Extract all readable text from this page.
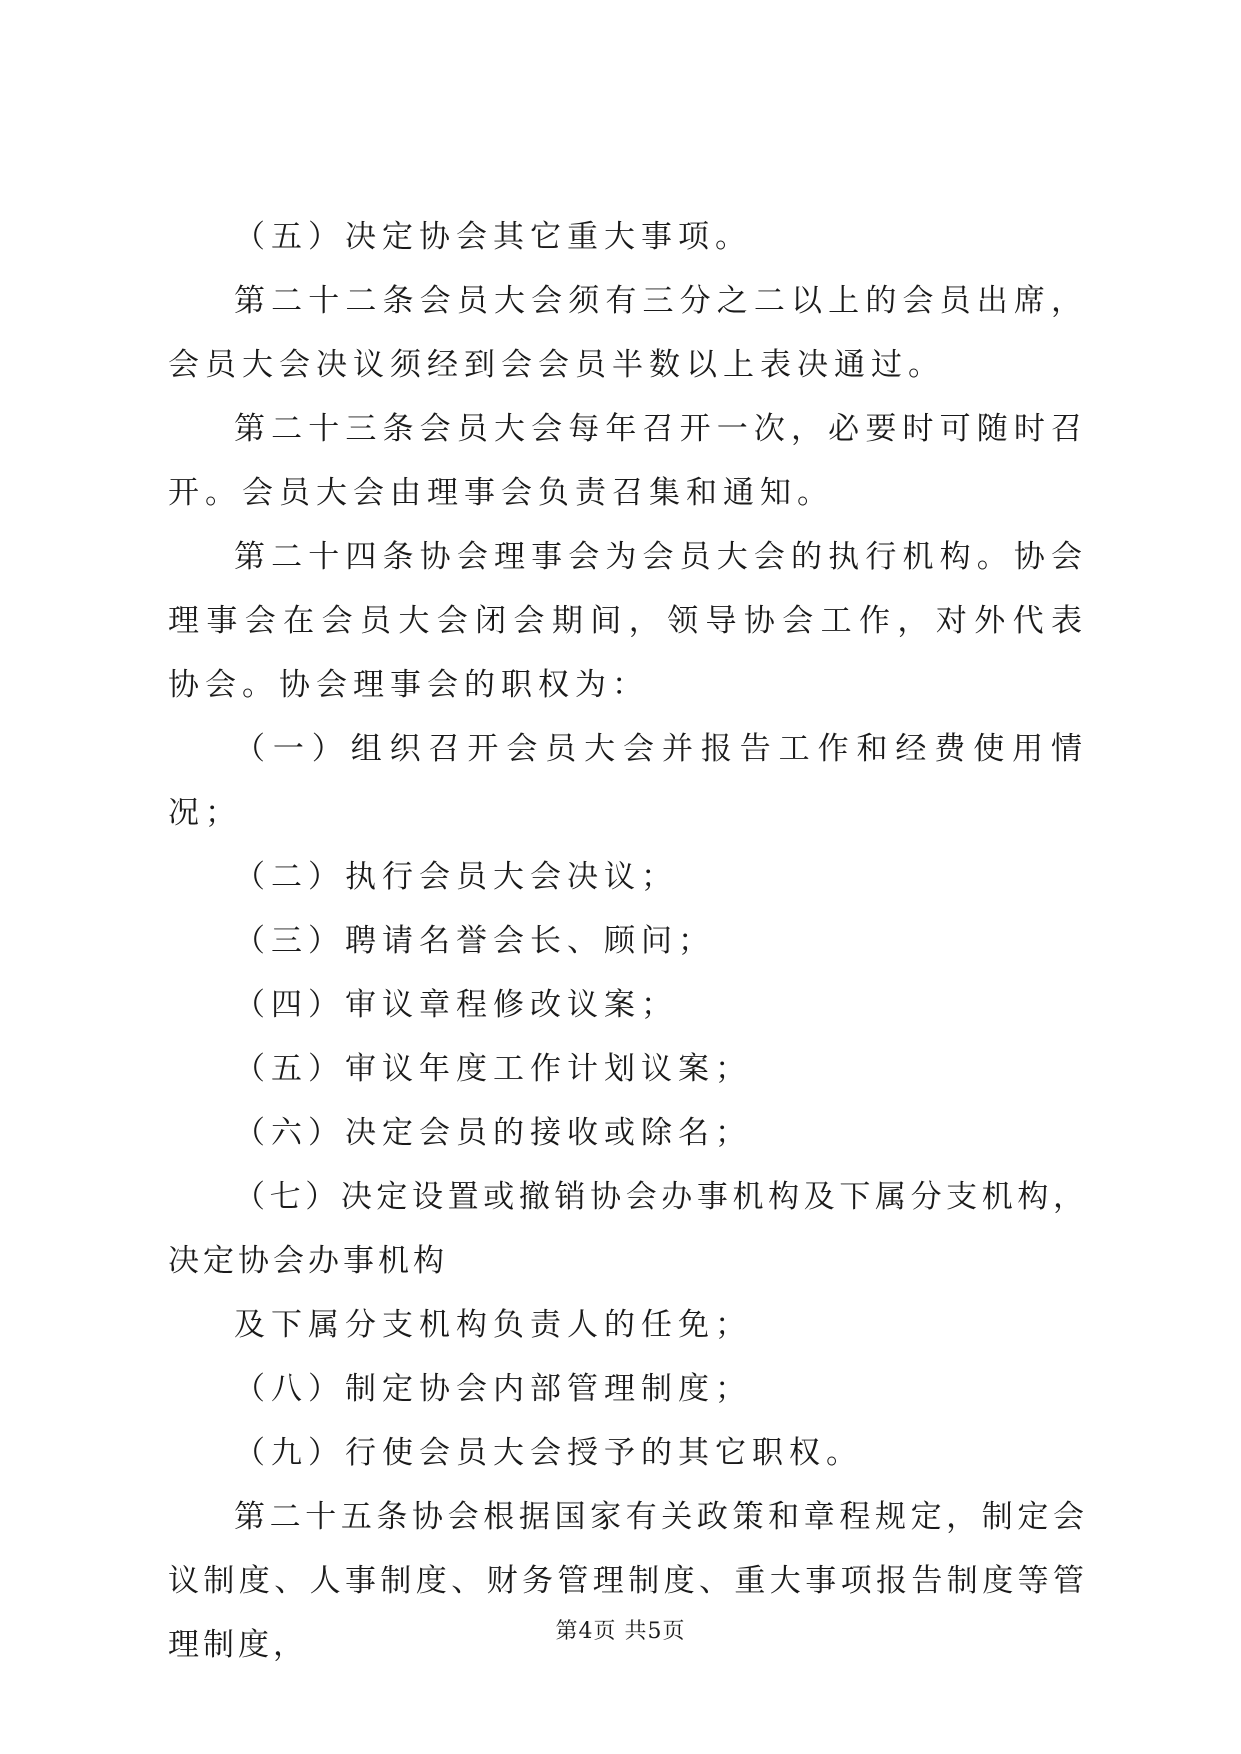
（五）决定协会其它重大事项。

第二十二条会员大会须有三分之二以上的会员出席，会员大会决议须经到会会员半数以上表决通过。

第二十三条会员大会每年召开一次，必要时可随时召开。会员大会由理事会负责召集和通知。

第二十四条协会理事会为会员大会的执行机构。协会理事会在会员大会闭会期间，领导协会工作，对外代表协会。协会理事会的职权为：

（一）组织召开会员大会并报告工作和经费使用情况；

（二）执行会员大会决议；

（三）聘请名誉会长、顾问；

（四）审议章程修改议案；

（五）审议年度工作计划议案；

（六）决定会员的接收或除名；

（七）决定设置或撤销协会办事机构及下属分支机构，决定协会办事机构

及下属分支机构负责人的任免；

（八）制定协会内部管理制度；

（九）行使会员大会授予的其它职权。

第二十五条协会根据国家有关政策和章程规定，制定会议制度、人事制度、财务管理制度、重大事项报告制度等管理制度，	第4页 共5页
